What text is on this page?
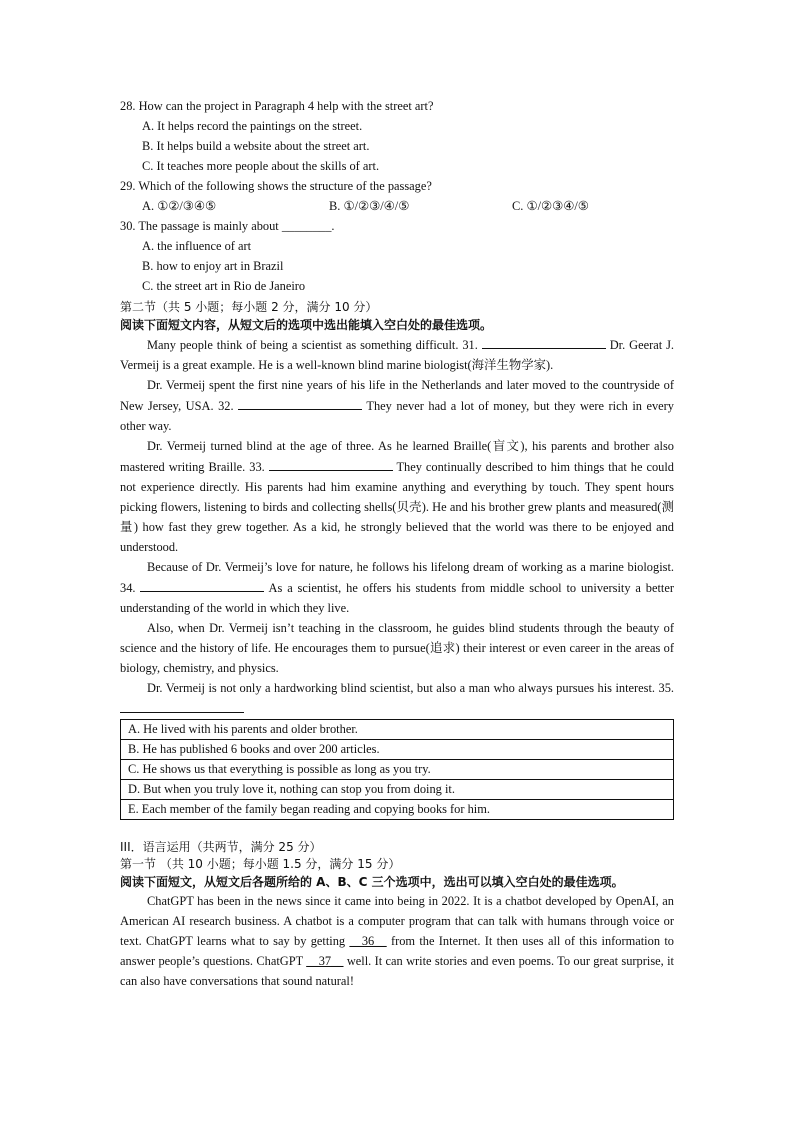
28. How can the project in Paragraph 4 help with the street art?
A. It helps record the paintings on the street.
B. It helps build a website about the street art.
C. It teaches more people about the skills of art.
29. Which of the following shows the structure of the passage?
A. ①②/③④⑤	B. ①/②③/④/⑤	C. ①/②③④/⑤
30. The passage is mainly about ________.
A. the influence of art
B. how to enjoy art in Brazil
C. the street art in Rio de Janeiro
第二节（共 5 小题；每小题 2 分，满分 10 分）
阅读下面短文内容，从短文后的选项中选出能填入空白处的最佳选项。
Many people think of being a scientist as something difficult. 31.	Dr. Geerat J. Vermeij is a great example. He is a well-known blind marine biologist(海洋生物学家).
Dr. Vermeij spent the first nine years of his life in the Netherlands and later moved to the countryside of New Jersey, USA. 32.	They never had a lot of money, but they were rich in every other way.
Dr. Vermeij turned blind at the age of three. As he learned Braille(盲文), his parents and brother also mastered writing Braille. 33.	They continually described to him things that he could not experience directly. His parents had him examine anything and everything by touch. They spent hours picking flowers, listening to birds and collecting shells(贝壳). He and his brother grew plants and measured(测量) how fast they grew together. As a kid, he strongly believed that the world was there to be enjoyed and understood.
Because of Dr. Vermeij’s love for nature, he follows his lifelong dream of working as a marine biologist. 34.	As a scientist, he offers his students from middle school to university a better understanding of the world in which they live.
Also, when Dr. Vermeij isn’t teaching in the classroom, he guides blind students through the beauty of science and the history of life. He encourages them to pursue(追求) their interest or even career in the areas of biology, chemistry, and physics.
Dr. Vermeij is not only a hardworking blind scientist, but also a man who always pursues his interest. 35.
A. He lived with his parents and older brother.
B. He has published 6 books and over 200 articles.
C. He shows us that everything is possible as long as you try.
D. But when you truly love it, nothing can stop you from doing it.
E. Each member of the family began reading and copying books for him.
III．语言运用（共两节，满分 25 分）
第一节 （共 10 小题；每小题 1.5 分，满分 15 分）
阅读下面短文，从短文后各题所给的 A、B、C 三个选项中，选出可以填入空白处的最佳选项。
ChatGPT has been in the news since it came into being in 2022. It is a chatbot developed by OpenAI, an American AI research business. A chatbot is a computer program that can talk with humans through voice or text. ChatGPT learns what to say by getting __36__ from the Internet. It then uses all of this information to answer people’s questions. ChatGPT __37__ well. It can write stories and even poems. To our great surprise, it can also have conversations that sound natural!
